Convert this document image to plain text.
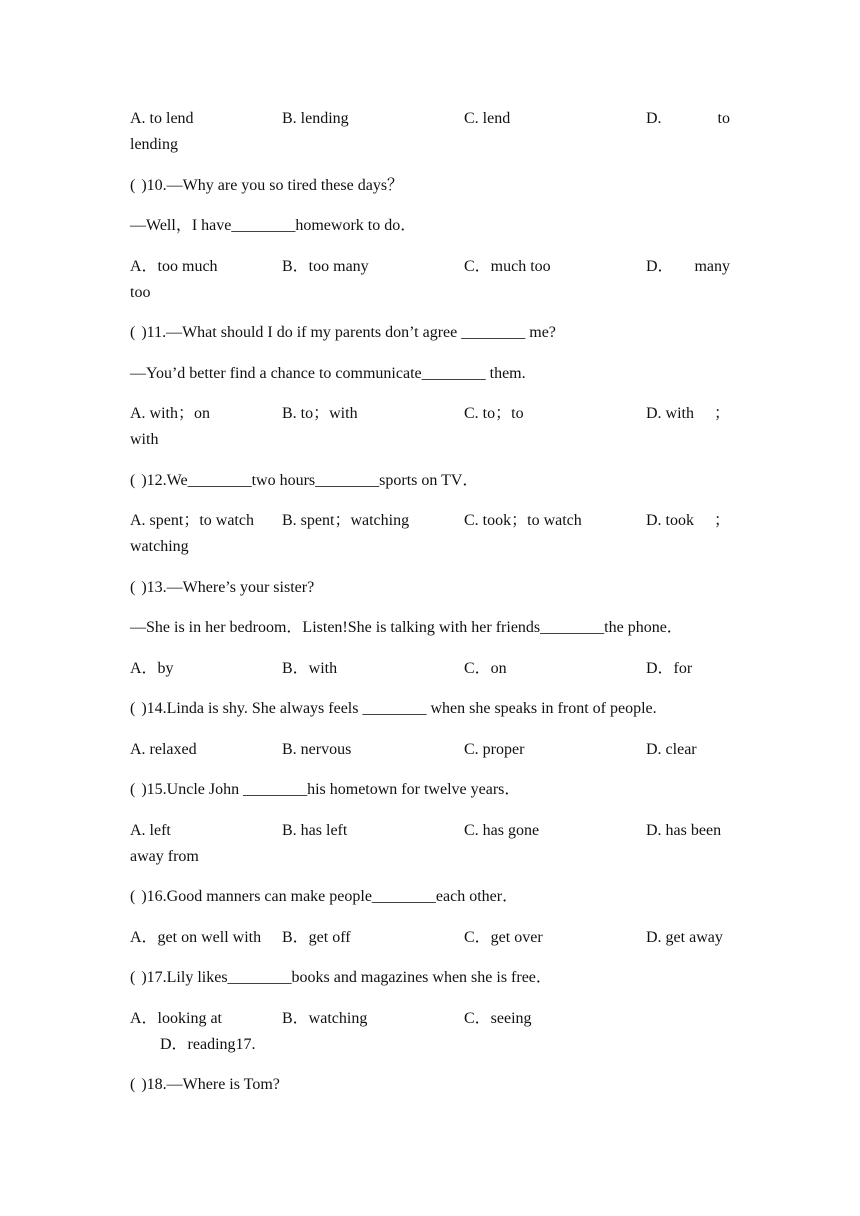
A. to lend	B. lending	C. lend	D.	to
lending
( )10.—Why are you so tired these days？
—Well，I have________homework to do．
A．too much	B．too many	C．much too	D． many
too
( )11.—What should I do if my parents don’t agree ________ me?
—You’d better find a chance to communicate________ them.
A. with；on	B. to；with	C. to；to	D. with ；
with
( )12.We________two hours________sports on TV．
A. spent；to watch B. spent；watching	C. took；to watch	D. took ；
watching
( )13.—Where’s your sister?
—She is in her bedroom．Listen!She is talking with her friends________the phone．
A．by	B．with	C．on	D．for
( )14.Linda is shy. She always feels ________ when she speaks in front of people.
A. relaxed	B. nervous	C. proper	D. clear
( )15.Uncle John ________his hometown for twelve years．
A. left	B. has left	C. has gone	D. has been
away from
( )16.Good manners can make people________each other．
A．get on well with B．get off	C．get over	D. get away
( )17.Lily likes________books and magazines when she is free．
A．looking at	B．watching	C．seeing
D．reading17.
( )18.—Where is Tom?
